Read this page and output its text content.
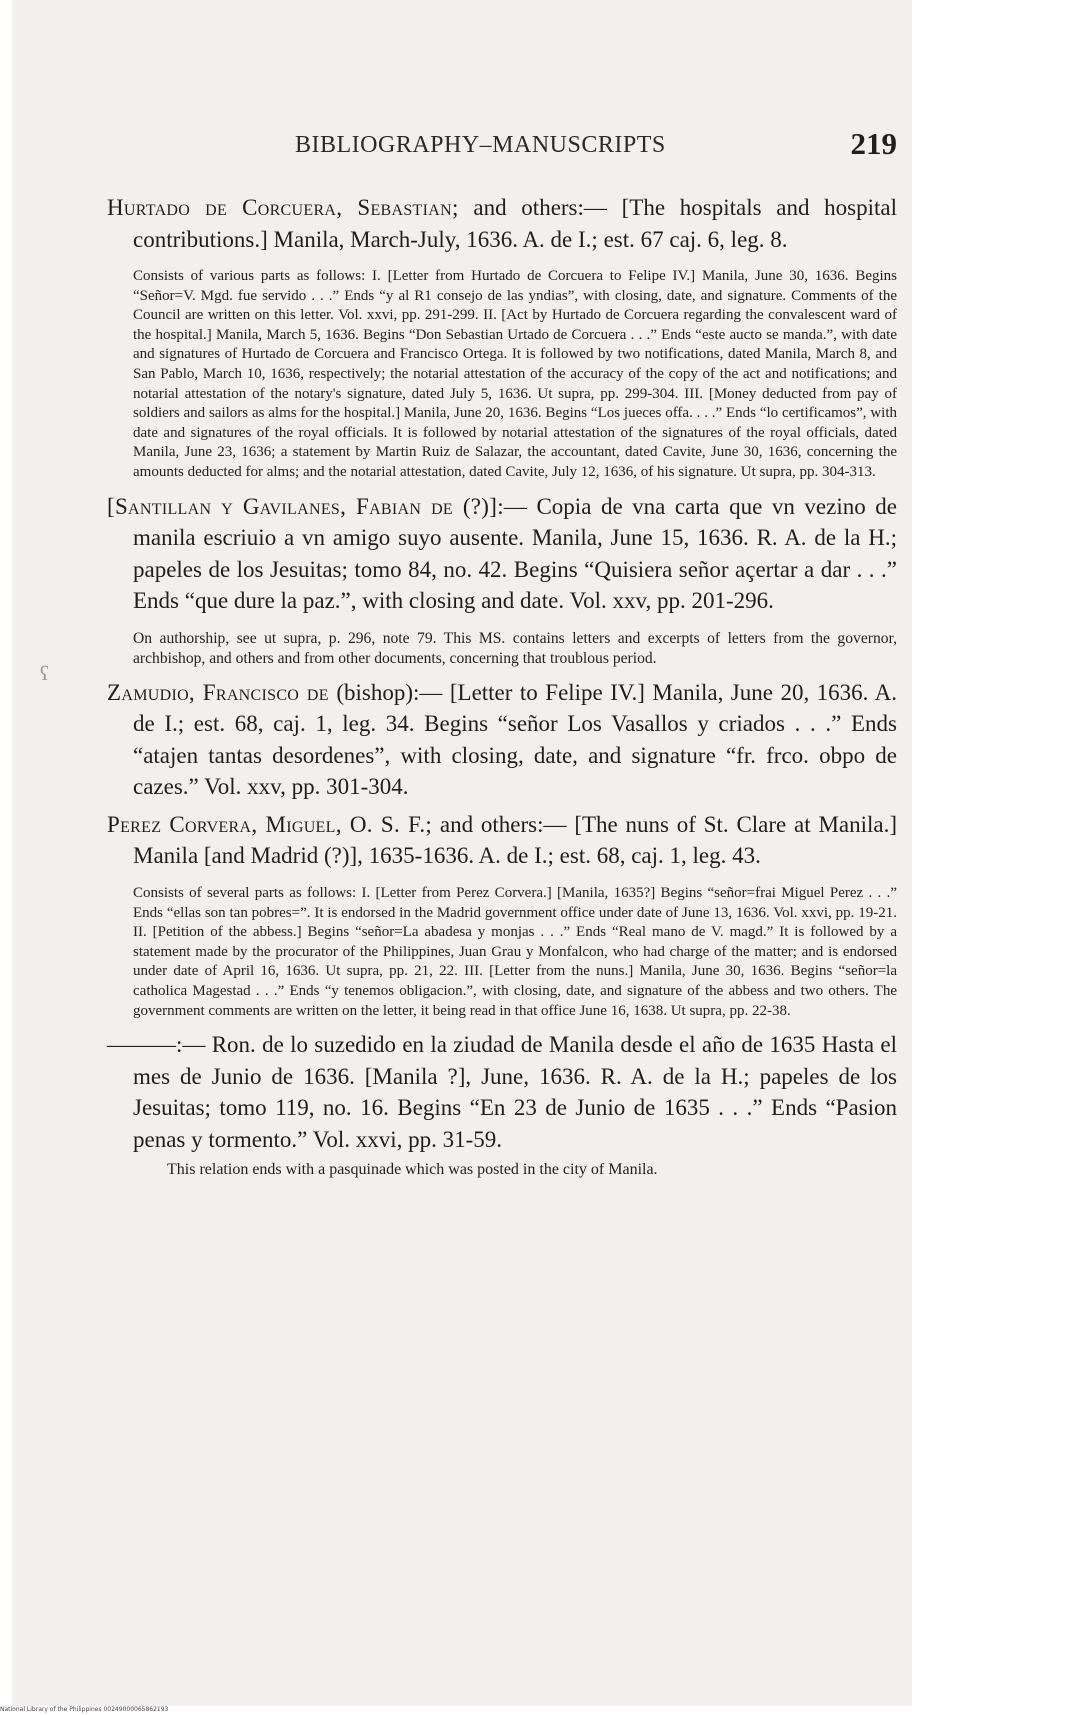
ʕ
BIBLIOGRAPHY–MANUSCRIPTS	219
Hurtado de Corcuera, Sebastian; and others:— [The hospitals and hospital contributions.] Manila, March-July, 1636. A. de I.; est. 67 caj. 6, leg. 8.
Consists of various parts as follows: I. [Letter from Hurtado de Corcuera to Felipe IV.] Manila, June 30, 1636. Begins “Señor=V. Mgd. fue servido . . .” Ends “y al R1 consejo de las yndias”, with closing, date, and signature. Comments of the Council are written on this letter. Vol. xxvi, pp. 291-299. II. [Act by Hurtado de Corcuera regarding the convalescent ward of the hospital.] Manila, March 5, 1636. Begins “Don Sebastian Urtado de Corcuera . . .” Ends “este aucto se manda.”, with date and signatures of Hurtado de Corcuera and Francisco Ortega. It is followed by two notifications, dated Manila, March 8, and San Pablo, March 10, 1636, respectively; the notarial attestation of the accuracy of the copy of the act and notifications; and notarial attestation of the notary's signature, dated July 5, 1636. Ut supra, pp. 299-304. III. [Money deducted from pay of soldiers and sailors as alms for the hospital.] Manila, June 20, 1636. Begins “Los jueces offa. . . .” Ends “lo certificamos”, with date and signatures of the royal officials. It is followed by notarial attestation of the signatures of the royal officials, dated Manila, June 23, 1636; a statement by Martin Ruiz de Salazar, the accountant, dated Cavite, June 30, 1636, concerning the amounts deducted for alms; and the notarial attestation, dated Cavite, July 12, 1636, of his signature. Ut supra, pp. 304-313.
[Santillan y Gavilanes, Fabian de (?)]:— Copia de vna carta que vn vezino de manila escriuio a vn amigo suyo ausente. Manila, June 15, 1636. R. A. de la H.; papeles de los Jesuitas; tomo 84, no. 42. Begins “Quisiera señor açertar a dar . . .” Ends “que dure la paz.”, with closing and date. Vol. xxv, pp. 201-296.
On authorship, see ut supra, p. 296, note 79. This MS. contains letters and excerpts of letters from the governor, archbishop, and others and from other documents, concerning that troublous period.
Zamudio, Francisco de (bishop):— [Letter to Felipe IV.] Manila, June 20, 1636. A. de I.; est. 68, caj. 1, leg. 34. Begins “señor Los Vasallos y criados . . .” Ends “atajen tantas desordenes”, with closing, date, and signature “fr. frco. obpo de cazes.” Vol. xxv, pp. 301-304.
Perez Corvera, Miguel, O. S. F.; and others:— [The nuns of St. Clare at Manila.] Manila [and Madrid (?)], 1635-1636. A. de I.; est. 68, caj. 1, leg. 43.
Consists of several parts as follows: I. [Letter from Perez Corvera.] [Manila, 1635?] Begins “señor=frai Miguel Perez . . .” Ends “ellas son tan pobres=”. It is endorsed in the Madrid government office under date of June 13, 1636. Vol. xxvi, pp. 19-21. II. [Petition of the abbess.] Begins “señor=La abadesa y monjas . . .” Ends “Real mano de V. magd.” It is followed by a statement made by the procurator of the Philippines, Juan Grau y Monfalcon, who had charge of the matter; and is endorsed under date of April 16, 1636. Ut supra, pp. 21, 22. III. [Letter from the nuns.] Manila, June 30, 1636. Begins “señor=la catholica Magestad . . .” Ends “y tenemos obligacion.”, with closing, date, and signature of the abbess and two others. The government comments are written on the letter, it being read in that office June 16, 1638. Ut supra, pp. 22-38.
———:— Ron. de lo suzedido en la ziudad de Manila desde el año de 1635 Hasta el mes de Junio de 1636. [Manila ?], June, 1636. R. A. de la H.; papeles de los Jesuitas; tomo 119, no. 16. Begins “En 23 de Junio de 1635 . . .” Ends “Pasion penas y tormento.” Vol. xxvi, pp. 31-59.
This relation ends with a pasquinade which was posted in the city of Manila.
National Library of the Philippines 00249000065862193
